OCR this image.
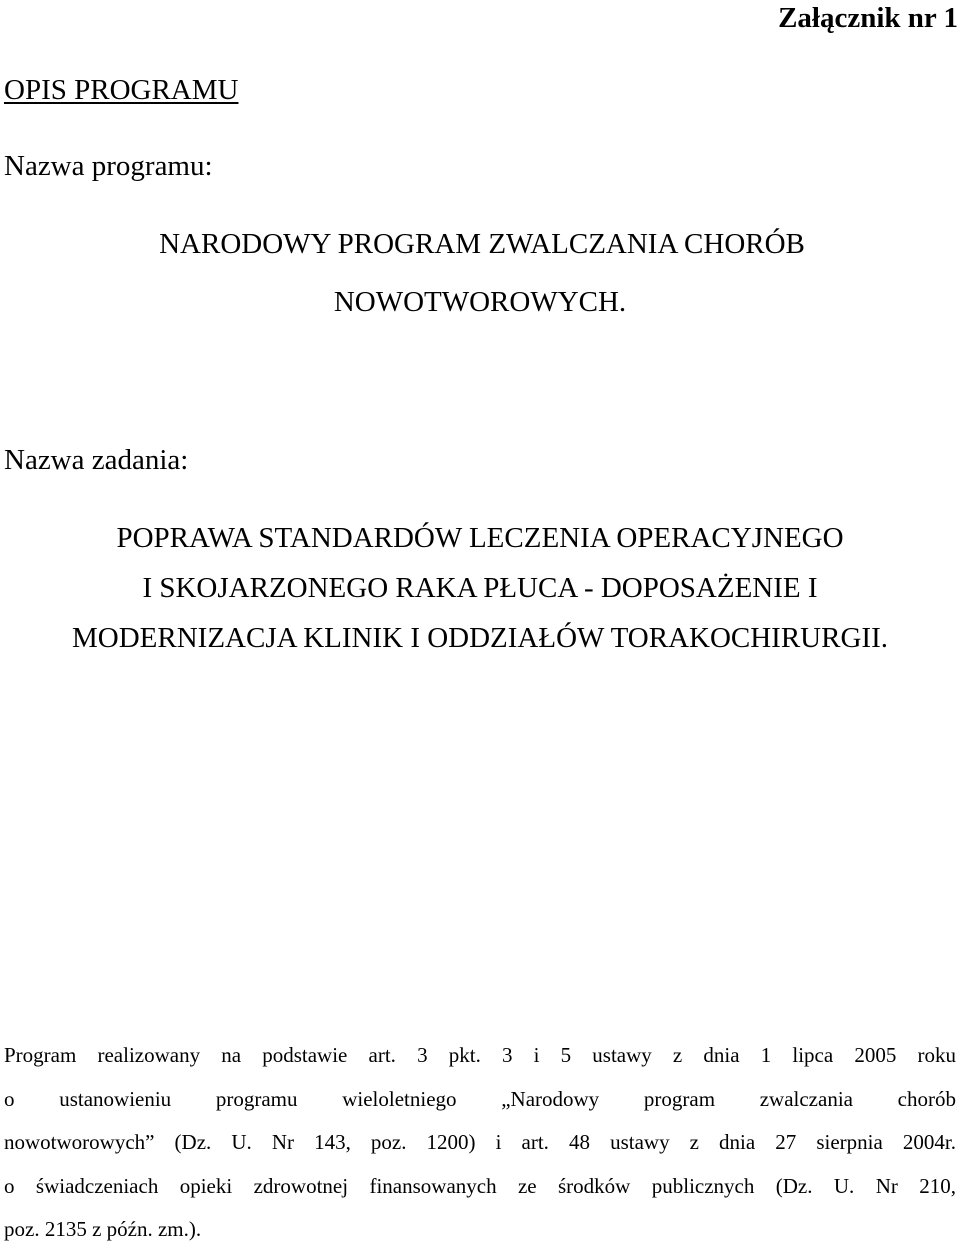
Załącznik nr 1
OPIS PROGRAMU
Nazwa programu:
NARODOWY PROGRAM ZWALCZANIA CHORÓB
NOWOTWOROWYCH.
Nazwa zadania:
POPRAWA STANDARDÓW LECZENIA OPERACYJNEGO
I SKOJARZONEGO RAKA PŁUCA - DOPOSAŻENIE I
MODERNIZACJA KLINIK I ODDZIAŁÓW TORAKOCHIRURGII.
Program realizowany na podstawie art. 3 pkt. 3 i 5 ustawy z dnia 1 lipca 2005 roku
o ustanowieniu programu wieloletniego „Narodowy program zwalczania chorób
nowotworowych” (Dz. U. Nr 143, poz. 1200) i art. 48 ustawy z dnia 27 sierpnia 2004r.
o świadczeniach opieki zdrowotnej finansowanych ze środków publicznych (Dz. U. Nr 210,
poz. 2135 z późn. zm.).
